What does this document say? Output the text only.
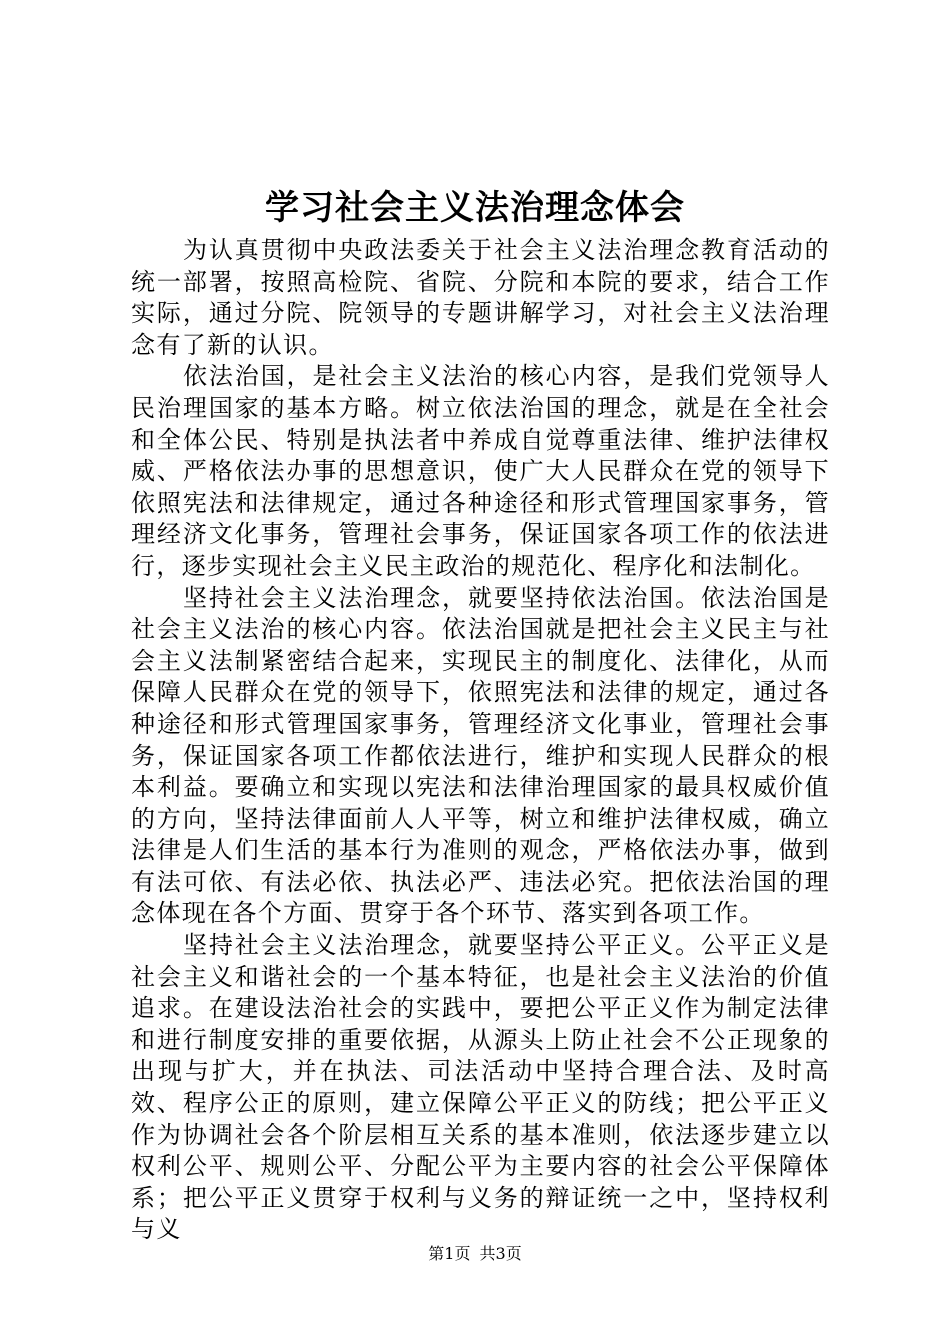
学习社会主义法治理念体会

为认真贯彻中央政法委关于社会主义法治理念教育活动的统一部署，按照高检院、省院、分院和本院的要求，结合工作实际，通过分院、院领导的专题讲解学习，对社会主义法治理念有了新的认识。

依法治国，是社会主义法治的核心内容，是我们党领导人民治理国家的基本方略。树立依法治国的理念，就是在全社会和全体公民、特别是执法者中养成自觉尊重法律、维护法律权威、严格依法办事的思想意识，使广大人民群众在党的领导下依照宪法和法律规定，通过各种途径和形式管理国家事务，管理经济文化事务，管理社会事务，保证国家各项工作的依法进行，逐步实现社会主义民主政治的规范化、程序化和法制化。

坚持社会主义法治理念，就要坚持依法治国。依法治国是社会主义法治的核心内容。依法治国就是把社会主义民主与社会主义法制紧密结合起来，实现民主的制度化、法律化，从而保障人民群众在党的领导下，依照宪法和法律的规定，通过各种途径和形式管理国家事务，管理经济文化事业，管理社会事务，保证国家各项工作都依法进行，维护和实现人民群众的根本利益。要确立和实现以宪法和法律治理国家的最具权威价值的方向，坚持法律面前人人平等，树立和维护法律权威，确立法律是人们生活的基本行为准则的观念，严格依法办事，做到有法可依、有法必依、执法必严、违法必究。把依法治国的理念体现在各个方面、贯穿于各个环节、落实到各项工作。

坚持社会主义法治理念，就要坚持公平正义。公平正义是社会主义和谐社会的一个基本特征，也是社会主义法治的价值追求。在建设法治社会的实践中，要把公平正义作为制定法律和进行制度安排的重要依据，从源头上防止社会不公正现象的出现与扩大，并在执法、司法活动中坚持合理合法、及时高效、程序公正的原则，建立保障公平正义的防线；把公平正义作为协调社会各个阶层相互关系的基本准则，依法逐步建立以权利公平、规则公平、分配公平为主要内容的社会公平保障体系；把公平正义贯穿于权利与义务的辩证统一之中，坚持权利与义

第1页 共3页
